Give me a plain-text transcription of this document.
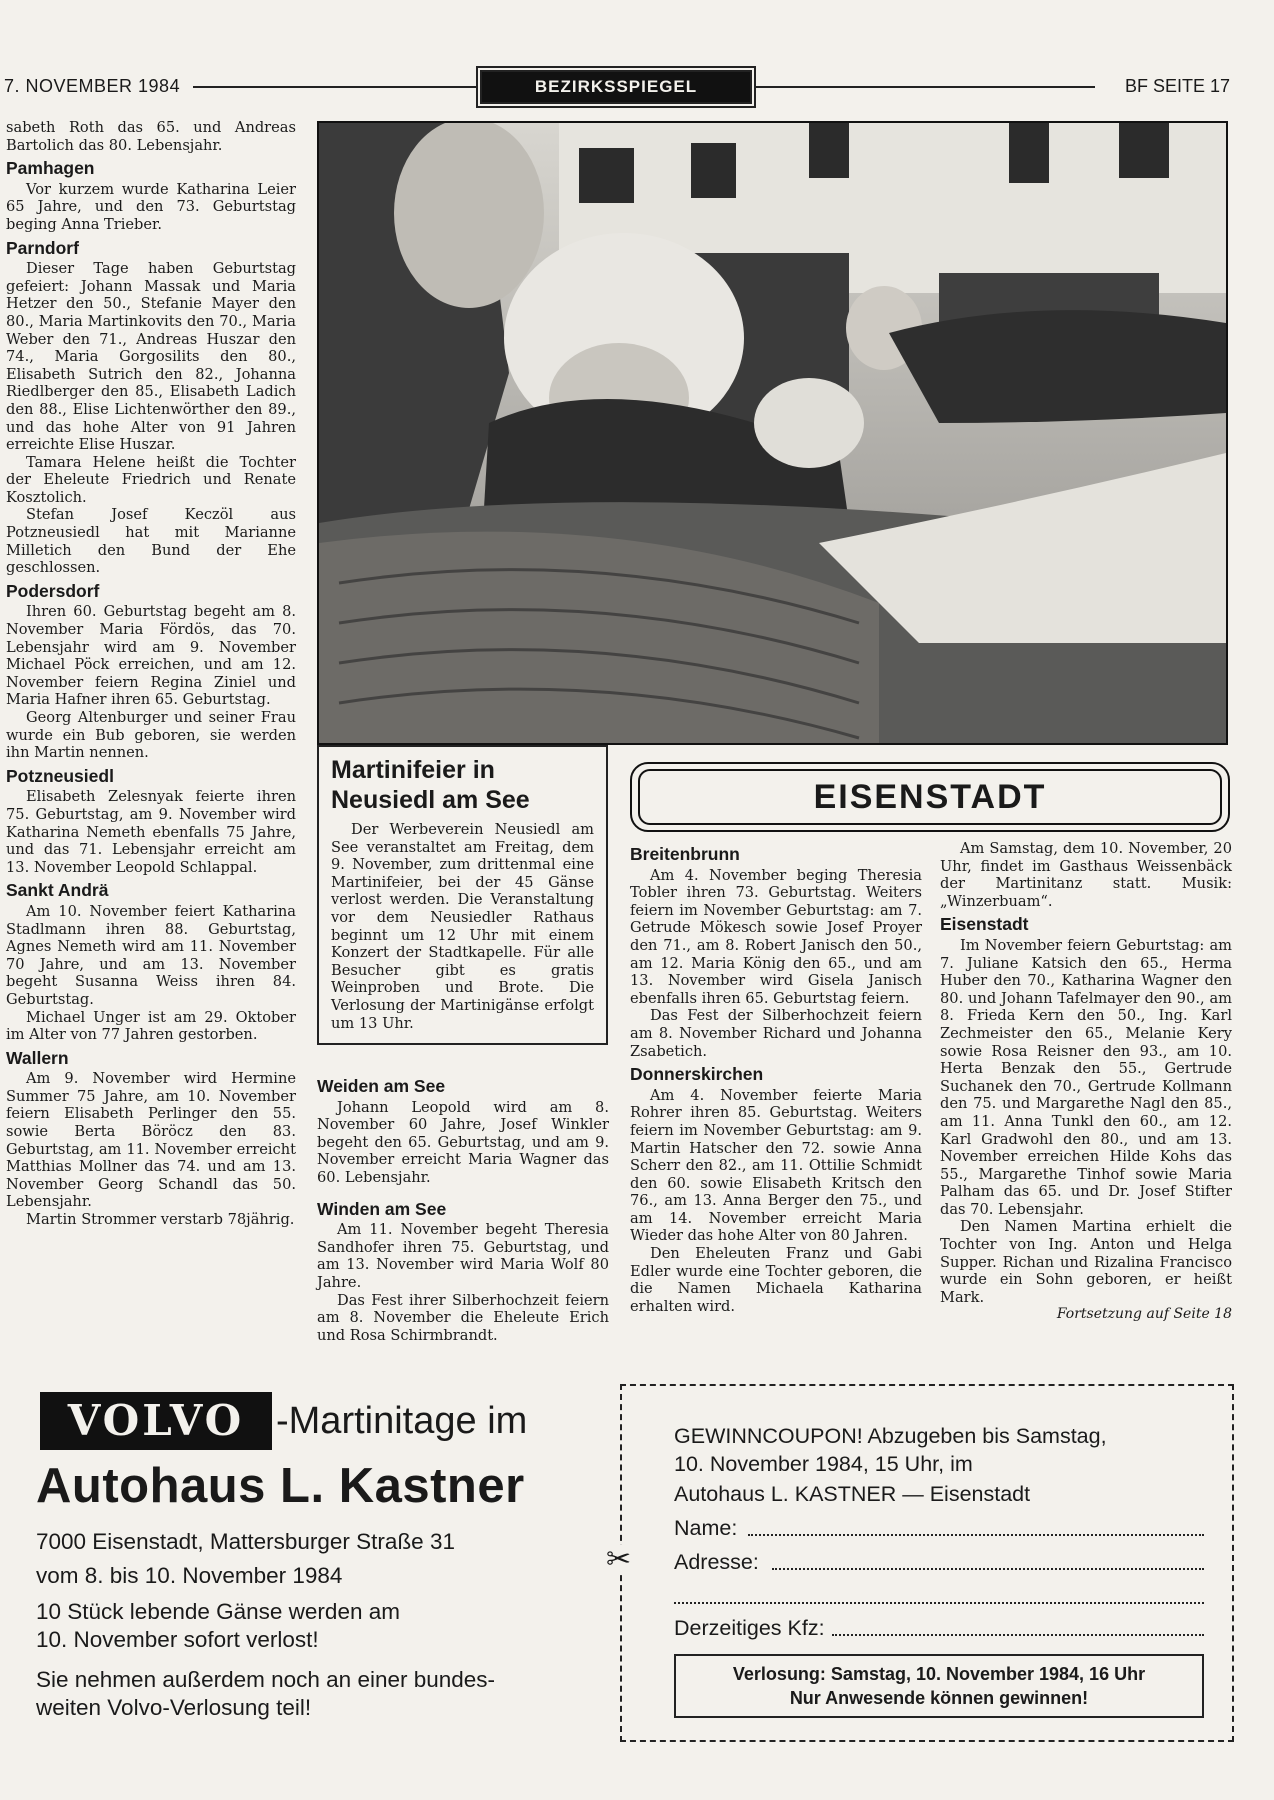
7. NOVEMBER 1984	BEZIRKSSPIEGEL	BF SEITE 17

sabeth Roth das 65. und Andreas Bartolich das 80. Lebensjahr.

Pamhagen

Vor kurzem wurde Katharina Leier 65 Jahre, und den 73. Geburtstag beging Anna Trieber.

Parndorf

Dieser Tage haben Geburtstag gefeiert: Johann Massak und Maria Hetzer den 50., Stefanie Mayer den 80., Maria Martinkovits den 70., Maria Weber den 71., Andreas Huszar den 74., Maria Gorgosilits den 80., Elisabeth Sutrich den 82., Johanna Riedlberger den 85., Elisabeth Ladich den 88., Elise Lichtenwörther den 89., und das hohe Alter von 91 Jahren erreichte Elise Huszar.

Tamara Helene heißt die Tochter der Eheleute Friedrich und Renate Kosztolich.

Stefan Josef Keczöl aus Potzneusiedl hat mit Marianne Milletich den Bund der Ehe geschlossen.

Podersdorf

Ihren 60. Geburtstag begeht am 8. November Maria Fördös, das 70. Lebensjahr wird am 9. November Michael Pöck erreichen, und am 12. November feiern Regina Ziniel und Maria Hafner ihren 65. Geburtstag.

Georg Altenburger und seiner Frau wurde ein Bub geboren, sie werden ihn Martin nennen.

Potzneusiedl

Elisabeth Zelesnyak feierte ihren 75. Geburtstag, am 9. November wird Katharina Nemeth ebenfalls 75 Jahre, und das 71. Lebensjahr erreicht am 13. November Leopold Schlappal.

Sankt Andrä

Am 10. November feiert Katharina Stadlmann ihren 88. Geburtstag, Agnes Nemeth wird am 11. November 70 Jahre, und am 13. November begeht Susanna Weiss ihren 84. Geburtstag.

Michael Unger ist am 29. Oktober im Alter von 77 Jahren gestorben.

Wallern

Am 9. November wird Hermine Summer 75 Jahre, am 10. November feiern Elisabeth Perlinger den 55. sowie Berta Böröcz den 83. Geburtstag, am 11. November erreicht Matthias Mollner das 74. und am 13. November Georg Schandl das 50. Lebensjahr.

Martin Strommer verstarb 78jährig.

Martinifeier in
Neusiedl am See

Der Werbeverein Neusiedl am See veranstaltet am Freitag, dem 9. November, zum drittenmal eine Martinifeier, bei der 45 Gänse verlost werden. Die Veranstaltung vor dem Neusiedler Rathaus beginnt um 12 Uhr mit einem Konzert der Stadtkapelle. Für alle Besucher gibt es gratis Weinproben und Brote. Die Verlosung der Martinigänse erfolgt um 13 Uhr.

Weiden am See

Johann Leopold wird am 8. November 60 Jahre, Josef Winkler begeht den 65. Geburtstag, und am 9. November erreicht Maria Wagner das 60. Lebensjahr.

Winden am See

Am 11. November begeht Theresia Sandhofer ihren 75. Geburtstag, und am 13. November wird Maria Wolf 80 Jahre.

Das Fest ihrer Silberhochzeit feiern am 8. November die Eheleute Erich und Rosa Schirmbrandt.

EISENSTADT
Breitenbrunn

Am 4. November beging Theresia Tobler ihren 73. Geburtstag. Weiters feiern im November Geburtstag: am 7. Getrude Mökesch sowie Josef Proyer den 71., am 8. Robert Janisch den 50., am 12. Maria König den 65., und am 13. November wird Gisela Janisch ebenfalls ihren 65. Geburtstag feiern.

Das Fest der Silberhochzeit feiern am 8. November Richard und Johanna Zsabetich.

Donnerskirchen

Am 4. November feierte Maria Rohrer ihren 85. Geburtstag. Weiters feiern im November Geburtstag: am 9. Martin Hatscher den 72. sowie Anna Scherr den 82., am 11. Ottilie Schmidt den 60. sowie Elisabeth Kritsch den 76., am 13. Anna Berger den 75., und am 14. November erreicht Maria Wieder das hohe Alter von 80 Jahren.

Den Eheleuten Franz und Gabi Edler wurde eine Tochter geboren, die die Namen Michaela Katharina erhalten wird.

Am Samstag, dem 10. November, 20 Uhr, findet im Gasthaus Weissenbäck der Martinitanz statt. Musik: „Winzerbuam“.

Eisenstadt

Im November feiern Geburtstag: am 7. Juliane Katsich den 65., Herma Huber den 70., Katharina Wagner den 80. und Johann Tafelmayer den 90., am 8. Frieda Kern den 50., Ing. Karl Zechmeister den 65., Melanie Kery sowie Rosa Reisner den 93., am 10. Herta Benzak den 55., Gertrude Suchanek den 70., Gertrude Kollmann den 75. und Margarethe Nagl den 85., am 11. Anna Tunkl den 60., am 12. Karl Gradwohl den 80., und am 13. November erreichen Hilde Kohs das 55., Margarethe Tinhof sowie Maria Palham das 65. und Dr. Josef Stifter das 70. Lebensjahr.

Den Namen Martina erhielt die Tochter von Ing. Anton und Helga Supper. Richan und Rizalina Francisco wurde ein Sohn geboren, er heißt Mark.

Fortsetzung auf Seite 18
VOLVO -Martinitage im
Autohaus L. Kastner
7000 Eisenstadt, Mattersburger Straße 31
vom 8. bis 10. November 1984
10 Stück lebende Gänse werden am
10. November sofort verlost!
Sie nehmen außerdem noch an einer bundes-
weiten Volvo-Verlosung teil!
GEWINNCOUPON! Abzugeben bis Samstag,
10. November 1984, 15 Uhr, im
Autohaus L. KASTNER — Eisenstadt
Name:
Adresse:
Derzeitiges Kfz:
Verlosung: Samstag, 10. November 1984, 16 Uhr
Nur Anwesende können gewinnen!
✂
